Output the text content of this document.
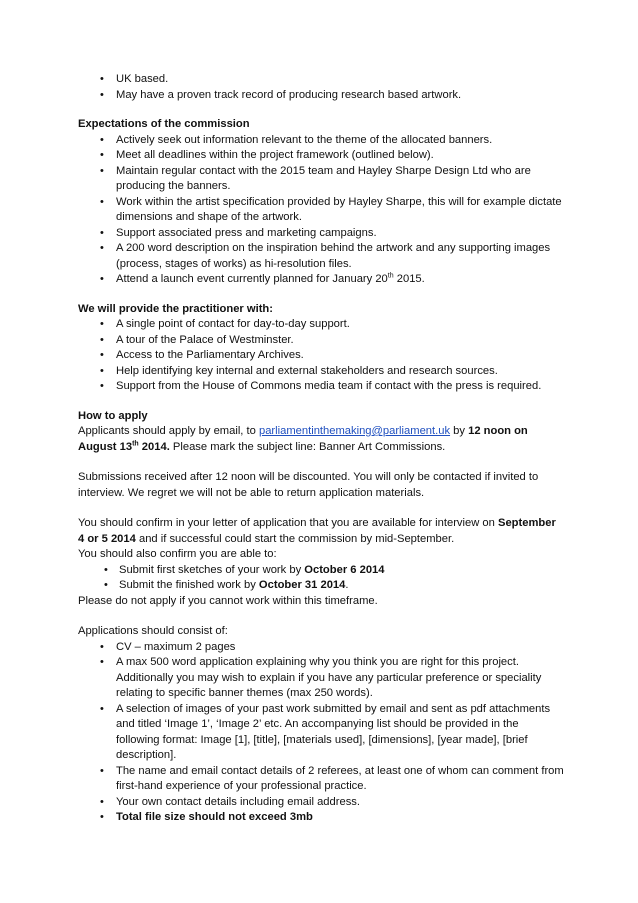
• UK based.
• May have a proven track record of producing research based artwork.

Expectations of the commission

• Actively seek out information relevant to the theme of the allocated banners.
• Meet all deadlines within the project framework (outlined below).
• Maintain regular contact with the 2015 team and Hayley Sharpe Design Ltd who are producing the banners.
• Work within the artist specification provided by Hayley Sharpe, this will for example dictate dimensions and shape of the artwork.
• Support associated press and marketing campaigns.
• A 200 word description on the inspiration behind the artwork and any supporting images (process, stages of works) as hi-resolution files.
• Attend a launch event currently planned for January 20th 2015.

We will provide the practitioner with:

• A single point of contact for day-to-day support.
• A tour of the Palace of Westminster.
• Access to the Parliamentary Archives.
• Help identifying key internal and external stakeholders and research sources.
• Support from the House of Commons media team if contact with the press is required.

How to apply

Applicants should apply by email, to parliamentinthemaking@parliament.uk by 12 noon on August 13th 2014. Please mark the subject line: Banner Art Commissions.

Submissions received after 12 noon will be discounted. You will only be contacted if invited to interview. We regret we will not be able to return application materials.

You should confirm in your letter of application that you are available for interview on September 4 or 5 2014 and if successful could start the commission by mid-September.

You should also confirm you are able to:

• Submit first sketches of your work by October 6 2014
• Submit the finished work by October 31 2014.

Please do not apply if you cannot work within this timeframe.

Applications should consist of:

• CV – maximum 2 pages
• A max 500 word application explaining why you think you are right for this project. Additionally you may wish to explain if you have any particular preference or speciality relating to specific banner themes (max 250 words).
• A selection of images of your past work submitted by email and sent as pdf attachments and titled ‘Image 1’, ‘Image 2’ etc. An accompanying list should be provided in the following format: Image [1], [title], [materials used], [dimensions], [year made], [brief description].
• The name and email contact details of 2 referees, at least one of whom can comment from first-hand experience of your professional practice.
• Your own contact details including email address.
• Total file size should not exceed 3mb
